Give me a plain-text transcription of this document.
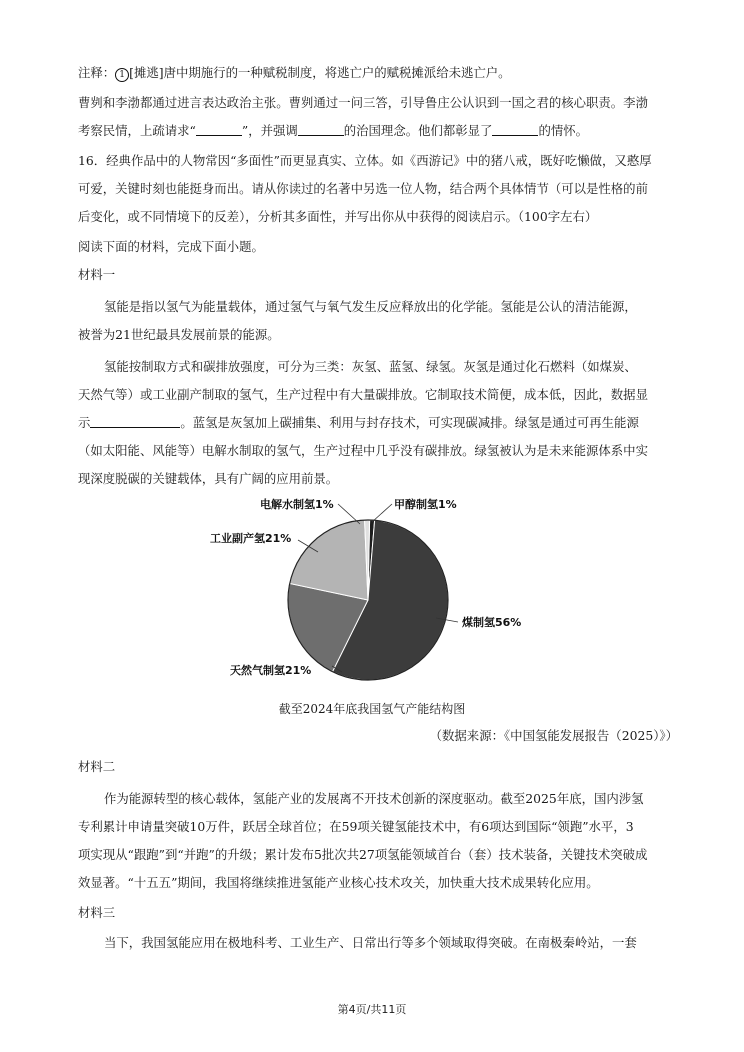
注释： 1 [摊逃]唐中期施行的一种赋税制度，将逃亡户的赋税摊派给未逃亡户。
曹刿和李渤都通过进言表达政治主张。曹刿通过一问三答，引导鲁庄公认识到一国之君的核心职责。李渤
考察民情，上疏请求“	”，并强调	的治国理念。他们都彰显了	的情怀。
16．经典作品中的人物常因“多面性”而更显真实、立体。如《西游记》中的猪八戒，既好吃懒做，又憨厚
可爱，关键时刻也能挺身而出。请从你读过的名著中另选一位人物，结合两个具体情节（可以是性格的前
后变化，或不同情境下的反差），分析其多面性，并写出你从中获得的阅读启示。（100字左右）
阅读下面的材料，完成下面小题。
材料一
氢能是指以氢气为能量载体，通过氢气与氧气发生反应释放出的化学能。氢能是公认的清洁能源，
被誉为21世纪最具发展前景的能源。
氢能按制取方式和碳排放强度，可分为三类：灰氢、蓝氢、绿氢。灰氢是通过化石燃料（如煤炭、
天然气等）或工业副产制取的氢气，生产过程中有大量碳排放。它制取技术简便，成本低，因此，数据显
示	。蓝氢是灰氢加上碳捕集、利用与封存技术，可实现碳减排。绿氢是通过可再生能源
（如太阳能、风能等）电解水制取的氢气，生产过程中几乎没有碳排放。绿氢被认为是未来能源体系中实
现深度脱碳的关键载体，具有广阔的应用前景。
煤制氢56%
天然气制氢21%
工业副产氢21%
电解水制氢1%	甲醇制氢1%
截至2024年底我国氢气产能结构图
（数据来源：《中国氢能发展报告（2025）》）
材料二
作为能源转型的核心载体，氢能产业的发展离不开技术创新的深度驱动。截至2025年底，国内涉氢
专利累计申请量突破10万件，跃居全球首位；在59项关键氢能技术中，有6项达到国际“领跑”水平，3
项实现从“跟跑”到“并跑”的升级；累计发布5批次共27项氢能领域首台（套）技术装备，关键技术突破成
效显著。“十五五”期间，我国将继续推进氢能产业核心技术攻关，加快重大技术成果转化应用。
材料三
当下，我国氢能应用在极地科考、工业生产、日常出行等多个领域取得突破。在南极秦岭站，一套
第4页/共11页
